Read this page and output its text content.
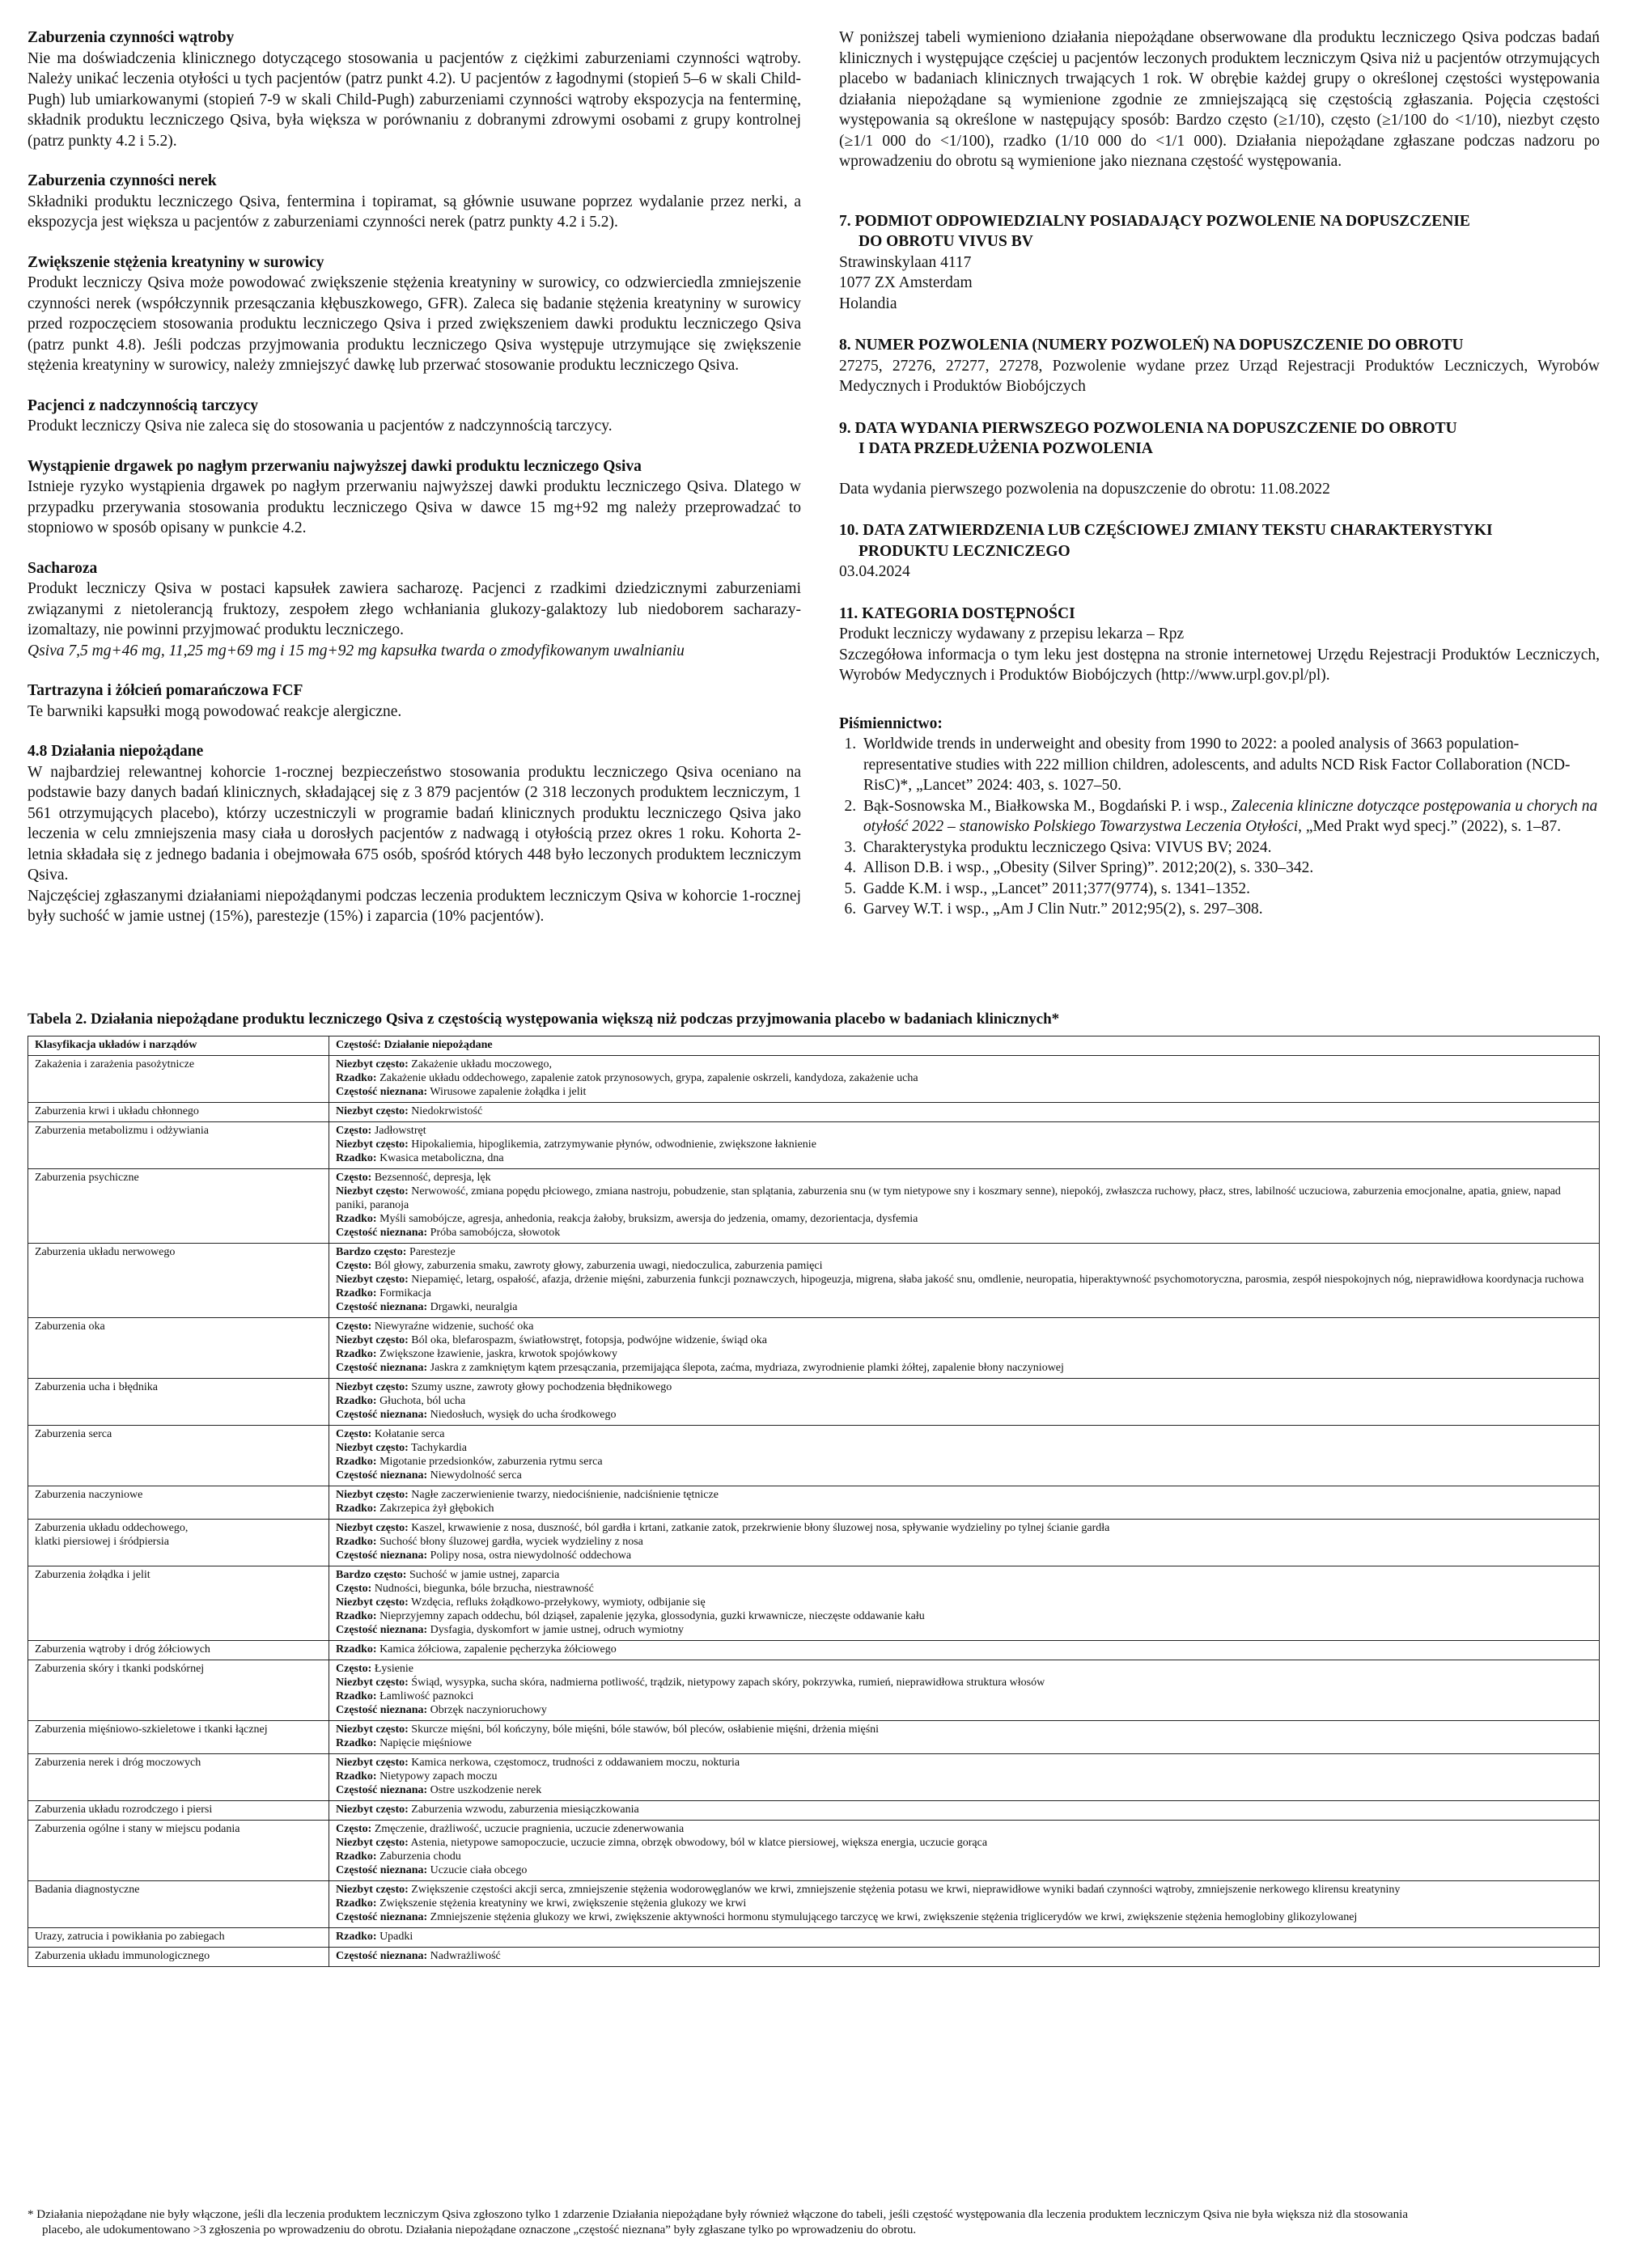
Zaburzenia czynności wątroby
Nie ma doświadczenia klinicznego dotyczącego stosowania u pacjentów z ciężkimi zaburzeniami czynności wątroby. Należy unikać leczenia otyłości u tych pacjentów (patrz punkt 4.2). U pacjentów z łagodnymi (stopień 5–6 w skali Child-Pugh) lub umiarkowanymi (stopień 7-9 w skali Child-Pugh) zaburzeniami czynności wątroby ekspozycja na fenterminę, składnik produktu leczniczego Qsiva, była większa w porównaniu z dobranymi zdrowymi osobami z grupy kontrolnej (patrz punkty 4.2 i 5.2).
Zaburzenia czynności nerek
Składniki produktu leczniczego Qsiva, fentermina i topiramat, są głównie usuwane poprzez wydalanie przez nerki, a ekspozycja jest większa u pacjentów z zaburzeniami czynności nerek (patrz punkty 4.2 i 5.2).
Zwiększenie stężenia kreatyniny w surowicy
Produkt leczniczy Qsiva może powodować zwiększenie stężenia kreatyniny w surowicy, co odzwierciedla zmniejszenie czynności nerek (współczynnik przesączania kłębuszkowego, GFR). Zaleca się badanie stężenia kreatyniny w surowicy przed rozpoczęciem stosowania produktu leczniczego Qsiva i przed zwiększeniem dawki produktu leczniczego Qsiva (patrz punkt 4.8). Jeśli podczas przyjmowania produktu leczniczego Qsiva występuje utrzymujące się zwiększenie stężenia kreatyniny w surowicy, należy zmniejszyć dawkę lub przerwać stosowanie produktu leczniczego Qsiva.
Pacjenci z nadczynnością tarczycy
Produkt leczniczy Qsiva nie zaleca się do stosowania u pacjentów z nadczynnością tarczycy.
Wystąpienie drgawek po nagłym przerwaniu najwyższej dawki produktu leczniczego Qsiva
Istnieje ryzyko wystąpienia drgawek po nagłym przerwaniu najwyższej dawki produktu leczniczego Qsiva. Dlatego w przypadku przerywania stosowania produktu leczniczego Qsiva w dawce 15 mg+92 mg należy przeprowadzać to stopniowo w sposób opisany w punkcie 4.2.
Sacharoza
Produkt leczniczy Qsiva w postaci kapsułek zawiera sacharozę. Pacjenci z rzadkimi dziedzicznymi zaburzeniami związanymi z nietolerancją fruktozy, zespołem złego wchłaniania glukozy-galaktozy lub niedoborem sacharazy-izomaltazy, nie powinni przyjmować produktu leczniczego.
Qsiva 7,5 mg+46 mg, 11,25 mg+69 mg i 15 mg+92 mg kapsułka twarda o zmodyfikowanym uwalnianiu
Tartrazyna i żółcień pomarańczowa FCF
Te barwniki kapsułki mogą powodować reakcje alergiczne.
4.8 Działania niepożądane
W najbardziej relewantnej kohorcie 1-rocznej bezpieczeństwo stosowania produktu leczniczego Qsiva oceniano na podstawie bazy danych badań klinicznych, składającej się z 3 879 pacjentów (2 318 leczonych produktem leczniczym, 1 561 otrzymujących placebo), którzy uczestniczyli w programie badań klinicznych produktu leczniczego Qsiva jako leczenia w celu zmniejszenia masy ciała u dorosłych pacjentów z nadwagą i otyłością przez okres 1 roku. Kohorta 2-letnia składała się z jednego badania i obejmowała 675 osób, spośród których 448 było leczonych produktem leczniczym Qsiva.
Najczęściej zgłaszanymi działaniami niepożądanymi podczas leczenia produktem leczniczym Qsiva w kohorcie 1-rocznej były suchość w jamie ustnej (15%), parestezje (15%) i zaparcia (10% pacjentów).
W poniższej tabeli wymieniono działania niepożądane obserwowane dla produktu leczniczego Qsiva podczas badań klinicznych i występujące częściej u pacjentów leczonych produktem leczniczym Qsiva niż u pacjentów otrzymujących placebo w badaniach klinicznych trwających 1 rok. W obrębie każdej grupy o określonej częstości występowania działania niepożądane są wymienione zgodnie ze zmniejszającą się częstością zgłaszania. Pojęcia częstości występowania są określone w następujący sposób: Bardzo często (≥1/10), często (≥1/100 do <1/10), niezbyt często (≥1/1 000 do <1/100), rzadko (1/10 000 do <1/1 000). Działania niepożądane zgłaszane podczas nadzoru po wprowadzeniu do obrotu są wymienione jako nieznana częstość występowania.
7. PODMIOT ODPOWIEDZIALNY POSIADAJĄCY POZWOLENIE NA DOPUSZCZENIE
DO OBROTU VIVUS BV
Strawinskylaan 4117
1077 ZX Amsterdam
Holandia
8. NUMER POZWOLENIA (NUMERY POZWOLEŃ) NA DOPUSZCZENIE DO OBROTU
27275, 27276, 27277, 27278, Pozwolenie wydane przez Urząd Rejestracji Produktów Leczniczych, Wyrobów Medycznych i Produktów Biobójczych
9. DATA WYDANIA PIERWSZEGO POZWOLENIA NA DOPUSZCZENIE DO OBROTU
I DATA PRZEDŁUŻENIA POZWOLENIA
Data wydania pierwszego pozwolenia na dopuszczenie do obrotu: 11.08.2022
10. DATA ZATWIERDZENIA LUB CZĘŚCIOWEJ ZMIANY TEKSTU CHARAKTERYSTYKI
PRODUKTU LECZNICZEGO
03.04.2024
11. KATEGORIA DOSTĘPNOŚCI
Produkt leczniczy wydawany z przepisu lekarza – Rpz
Szczegółowa informacja o tym leku jest dostępna na stronie internetowej Urzędu Rejestracji Produktów Leczniczych, Wyrobów Medycznych i Produktów Biobójczych (http://www.urpl.gov.pl/pl).
Piśmiennictwo:
1. Worldwide trends in underweight and obesity from 1990 to 2022: a pooled analysis of 3663 population-representative studies with 222 million children, adolescents, and adults NCD Risk Factor Collaboration (NCD-RisC)*, „Lancet” 2024: 403, s. 1027–50.
2. Bąk-Sosnowska M., Białkowska M., Bogdański P. i wsp., Zalecenia kliniczne dotyczące postępowania u chorych na otyłość 2022 – stanowisko Polskiego Towarzystwa Leczenia Otyłości, „Med Prakt wyd specj.” (2022), s. 1–87.
3. Charakterystyka produktu leczniczego Qsiva: VIVUS BV; 2024.
4. Allison D.B. i wsp., „Obesity (Silver Spring)”. 2012;20(2), s. 330–342.
5. Gadde K.M. i wsp., „Lancet” 2011;377(9774), s. 1341–1352.
6. Garvey W.T. i wsp., „Am J Clin Nutr.” 2012;95(2), s. 297–308.
Tabela 2. Działania niepożądane produktu leczniczego Qsiva z częstością występowania większą niż podczas przyjmowania placebo w badaniach klinicznych*
Klasyfikacja układów i narządów	Częstość: Działanie niepożądane
Zakażenia i zarażenia pasożytnicze	Niezbyt często: Zakażenie układu moczowego,
Rzadko: Zakażenie układu oddechowego, zapalenie zatok przynosowych, grypa, zapalenie oskrzeli, kandydoza, zakażenie ucha
Częstość nieznana: Wirusowe zapalenie żołądka i jelit

Zaburzenia krwi i układu chłonnego	Niezbyt często: Niedokrwistość

Zaburzenia metabolizmu i odżywiania	Często: Jadłowstręt
Niezbyt często: Hipokaliemia, hipoglikemia, zatrzymywanie płynów, odwodnienie, zwiększone łaknienie
Rzadko: Kwasica metaboliczna, dna

Zaburzenia psychiczne	Często: Bezsenność, depresja, lęk
Niezbyt często: Nerwowość, zmiana popędu płciowego, zmiana nastroju, pobudzenie, stan splątania, zaburzenia snu (w tym nietypowe sny i koszmary senne), niepokój, zwłaszcza ruchowy, płacz, stres, labilność uczuciowa, zaburzenia emocjonalne, apatia, gniew, napad paniki, paranoja
Rzadko: Myśli samobójcze, agresja, anhedonia, reakcja żałoby, bruksizm, awersja do jedzenia, omamy, dezorientacja, dysfemia
Częstość nieznana: Próba samobójcza, słowotok

Zaburzenia układu nerwowego	Bardzo często: Parestezje
Często: Ból głowy, zaburzenia smaku, zawroty głowy, zaburzenia uwagi, niedoczulica, zaburzenia pamięci
Niezbyt często: Niepamięć, letarg, ospałość, afazja, drżenie mięśni, zaburzenia funkcji poznawczych, hipogeuzja, migrena, słaba jakość snu, omdlenie, neuropatia, hiperaktywność psychomotoryczna, parosmia, zespół niespokojnych nóg, nieprawidłowa koordynacja ruchowa
Rzadko: Formikacja
Częstość nieznana: Drgawki, neuralgia

Zaburzenia oka	Często: Niewyraźne widzenie, suchość oka
Niezbyt często: Ból oka, blefarospazm, światłowstręt, fotopsja, podwójne widzenie, świąd oka
Rzadko: Zwiększone łzawienie, jaskra, krwotok spojówkowy
Częstość nieznana: Jaskra z zamkniętym kątem przesączania, przemijająca ślepota, zaćma, mydriaza, zwyrodnienie plamki żółtej, zapalenie błony naczyniowej

Zaburzenia ucha i błędnika	Niezbyt często: Szumy uszne, zawroty głowy pochodzenia błędnikowego
Rzadko: Głuchota, ból ucha
Częstość nieznana: Niedosłuch, wysięk do ucha środkowego

Zaburzenia serca	Często: Kołatanie serca
Niezbyt często: Tachykardia
Rzadko: Migotanie przedsionków, zaburzenia rytmu serca
Częstość nieznana: Niewydolność serca

Zaburzenia naczyniowe	Niezbyt często: Nagłe zaczerwienienie twarzy, niedociśnienie, nadciśnienie tętnicze
Rzadko: Zakrzepica żył głębokich

Zaburzenia układu oddechowego,
klatki piersiowej i śródpiersia	Niezbyt często: Kaszel, krwawienie z nosa, duszność, ból gardła i krtani, zatkanie zatok, przekrwienie błony śluzowej nosa, spływanie wydzieliny po tylnej ścianie gardła
Rzadko: Suchość błony śluzowej gardła, wyciek wydzieliny z nosa
Częstość nieznana: Polipy nosa, ostra niewydolność oddechowa

Zaburzenia żołądka i jelit	Bardzo często: Suchość w jamie ustnej, zaparcia
Często: Nudności, biegunka, bóle brzucha, niestrawność
Niezbyt często: Wzdęcia, refluks żołądkowo-przełykowy, wymioty, odbijanie się
Rzadko: Nieprzyjemny zapach oddechu, ból dziąseł, zapalenie języka, glossodynia, guzki krwawnicze, nieczęste oddawanie kału
Częstość nieznana: Dysfagia, dyskomfort w jamie ustnej, odruch wymiotny

Zaburzenia wątroby i dróg żółciowych	Rzadko: Kamica żółciowa, zapalenie pęcherzyka żółciowego

Zaburzenia skóry i tkanki podskórnej	Często: Łysienie
Niezbyt często: Świąd, wysypka, sucha skóra, nadmierna potliwość, trądzik, nietypowy zapach skóry, pokrzywka, rumień, nieprawidłowa struktura włosów
Rzadko: Łamliwość paznokci
Częstość nieznana: Obrzęk naczynioruchowy

Zaburzenia mięśniowo-szkieletowe i tkanki łącznej	Niezbyt często: Skurcze mięśni, ból kończyny, bóle mięśni, bóle stawów, ból pleców, osłabienie mięśni, drżenia mięśni
Rzadko: Napięcie mięśniowe

Zaburzenia nerek i dróg moczowych	Niezbyt często: Kamica nerkowa, częstomocz, trudności z oddawaniem moczu, nokturia
Rzadko: Nietypowy zapach moczu
Częstość nieznana: Ostre uszkodzenie nerek

Zaburzenia układu rozrodczego i piersi	Niezbyt często: Zaburzenia wzwodu, zaburzenia miesiączkowania

Zaburzenia ogólne i stany w miejscu podania	Często: Zmęczenie, drażliwość, uczucie pragnienia, uczucie zdenerwowania
Niezbyt często: Astenia, nietypowe samopoczucie, uczucie zimna, obrzęk obwodowy, ból w klatce piersiowej, większa energia, uczucie gorąca
Rzadko: Zaburzenia chodu
Częstość nieznana: Uczucie ciała obcego

Badania diagnostyczne	Niezbyt często: Zwiększenie częstości akcji serca, zmniejszenie stężenia wodorowęglanów we krwi, zmniejszenie stężenia potasu we krwi, nieprawidłowe wyniki badań czynności wątroby, zmniejszenie nerkowego klirensu kreatyniny
Rzadko: Zwiększenie stężenia kreatyniny we krwi, zwiększenie stężenia glukozy we krwi
Częstość nieznana: Zmniejszenie stężenia glukozy we krwi, zwiększenie aktywności hormonu stymulującego tarczycę we krwi, zwiększenie stężenia triglicerydów we krwi, zwiększenie stężenia hemoglobiny glikozylowanej

Urazy, zatrucia i powikłania po zabiegach	Rzadko: Upadki

Zaburzenia układu immunologicznego	Częstość nieznana: Nadwrażliwość
* Działania niepożądane nie były włączone, jeśli dla leczenia produktem leczniczym Qsiva zgłoszono tylko 1 zdarzenie Działania niepożądane były również włączone do tabeli, jeśli częstość występowania dla leczenia produktem leczniczym Qsiva nie była większa niż dla stosowania
placebo, ale udokumentowano >3 zgłoszenia po wprowadzeniu do obrotu. Działania niepożądane oznaczone „częstość nieznana” były zgłaszane tylko po wprowadzeniu do obrotu.
